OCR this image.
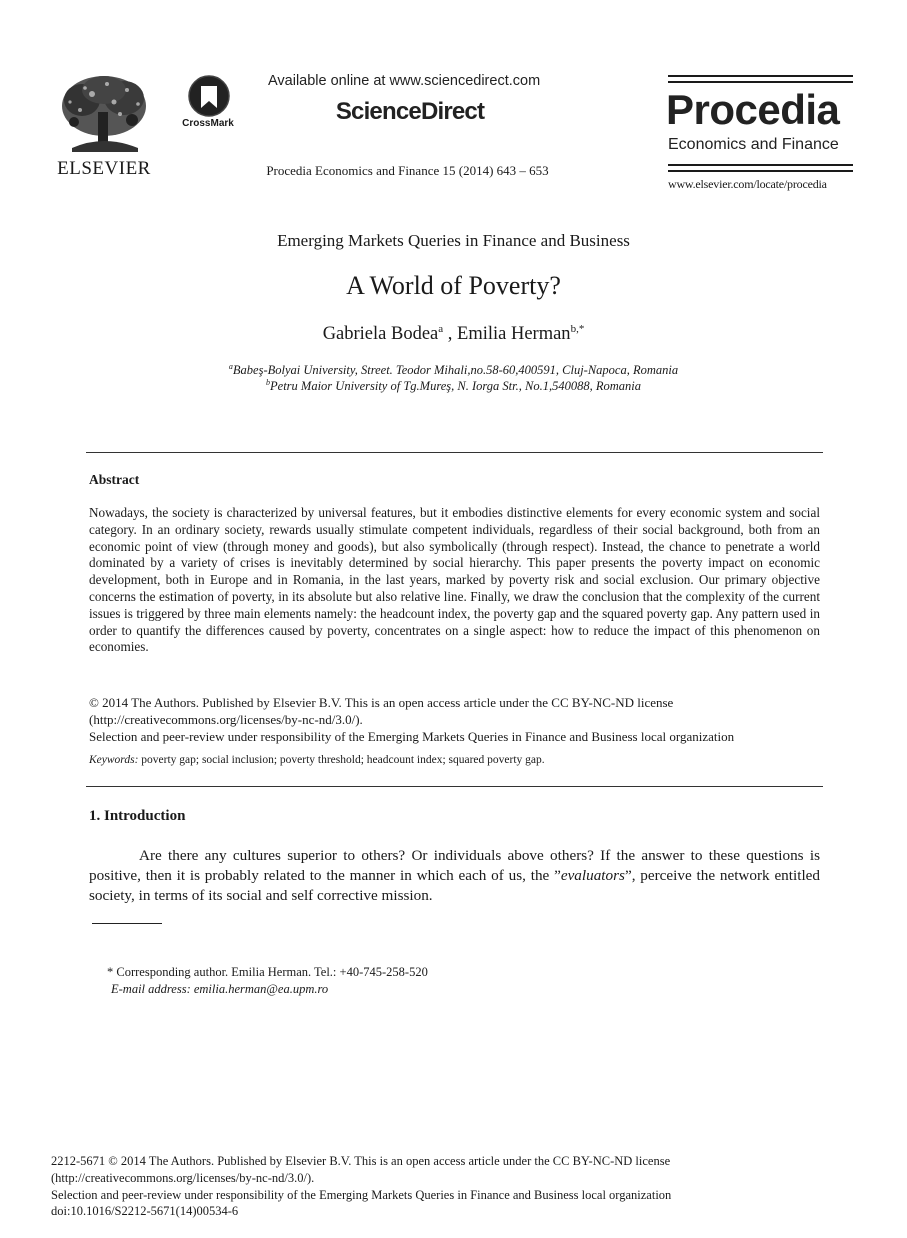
ELSEVIER
CrossMark
Available online at www.sciencedirect.com
ScienceDirect
Procedia Economics and Finance 15 (2014) 643 – 653
Procedia
Economics and Finance
www.elsevier.com/locate/procedia
Emerging Markets Queries in Finance and Business
A World of Poverty?
Gabriela Bodea$^a$ , Emilia Herman$^{b,*}$
$^a$Babeş-Bolyai University, Street. Teodor Mihali,no.58-60,400591, Cluj-Napoca, Romania
$^b$Petru Maior University of Tg.Mureş, N. Iorga Str., No.1,540088, Romania
Abstract
Nowadays, the society is characterized by universal features, but it embodies distinctive elements for every economic system and social category. In an ordinary society, rewards usually stimulate competent individuals, regardless of their social background, both from an economic point of view (through money and goods), but also symbolically (through respect). Instead, the chance to penetrate a world dominated by a variety of crises is inevitably determined by social hierarchy. This paper presents the poverty impact on economic development, both in Europe and in Romania, in the last years, marked by poverty risk and social exclusion. Our primary objective concerns the estimation of poverty, in its absolute but also relative line. Finally, we draw the conclusion that the complexity of the current issues is triggered by three main elements namely: the headcount index, the poverty gap and the squared poverty gap. Any pattern used in order to quantify the differences caused by poverty, concentrates on a single aspect: how to reduce the impact of this phenomenon on economies.
© 2014 The Authors. Published by Elsevier B.V. This is an open access article under the CC BY-NC-ND license
(http://creativecommons.org/licenses/by-nc-nd/3.0/).
Selection and peer-review under responsibility of the Emerging Markets Queries in Finance and Business local organization
Keywords: poverty gap; social inclusion; poverty threshold; headcount index; squared poverty gap.
1. Introduction
Are there any cultures superior to others? Or individuals above others? If the answer to these questions is positive, then it is probably related to the manner in which each of us, the ”evaluators”, perceive the network entitled society, in terms of its social and self corrective mission.
* Corresponding author. Emilia Herman. Tel.: +40-745-258-520
E-mail address: emilia.herman@ea.upm.ro
2212-5671 © 2014 The Authors. Published by Elsevier B.V. This is an open access article under the CC BY-NC-ND license
(http://creativecommons.org/licenses/by-nc-nd/3.0/).
Selection and peer-review under responsibility of the Emerging Markets Queries in Finance and Business local organization
doi:10.1016/S2212-5671(14)00534-6
